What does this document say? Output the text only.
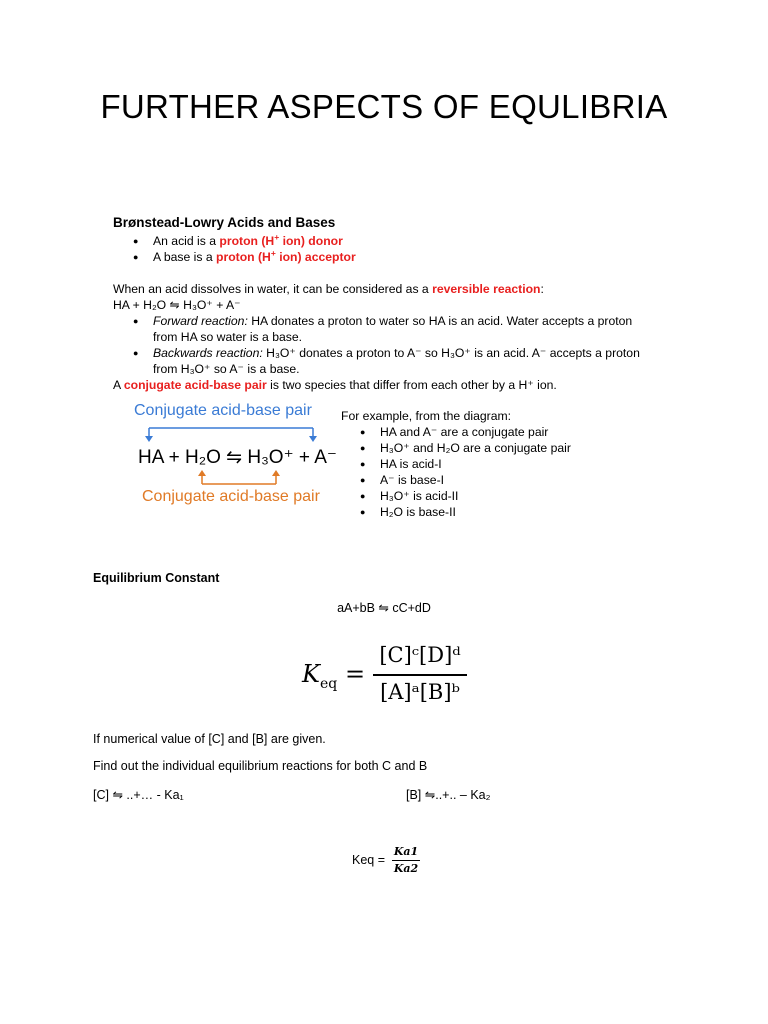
FURTHER ASPECTS OF EQULIBRIA
Brønstead-Lowry Acids and Bases
● An acid is a proton (H+ ion) donor
● A base is a proton (H+ ion) acceptor
When an acid dissolves in water, it can be considered as a reversible reaction:
HA + H₂O ⇋ H₃O⁺ + A⁻
● Forward reaction: HA donates a proton to water so HA is an acid. Water accepts a proton
from HA so water is a base.
● Backwards reaction: H₃O⁺ donates a proton to A⁻ so H₃O⁺ is an acid. A⁻ accepts a proton
from H₃O⁺ so A⁻ is a base.
A conjugate acid-base pair is two species that differ from each other by a H⁺ ion.
Conjugate acid-base pair
HA + H₂O ⇋ H₃O⁺ + A⁻
Conjugate acid-base pair
For example, from the diagram:
● HA and A⁻ are a conjugate pair
● H₃O⁺ and H₂O are a conjugate pair
● HA is acid-I
● A⁻ is base-I
● H₃O⁺ is acid-II
● H₂O is base-II
Equilibrium Constant
aA+bB ⇋ cC+dD
$K_{eq}$ =
[C]ᶜ[D]ᵈ
[A]ᵃ[B]ᵇ
If numerical value of [C] and [B] are given.
Find out the individual equilibrium reactions for both C and B
[C] ⇋ ..+… - Ka₁	[B] ⇋..+.. – Ka₂
Keq =
Ka1
Ka2
